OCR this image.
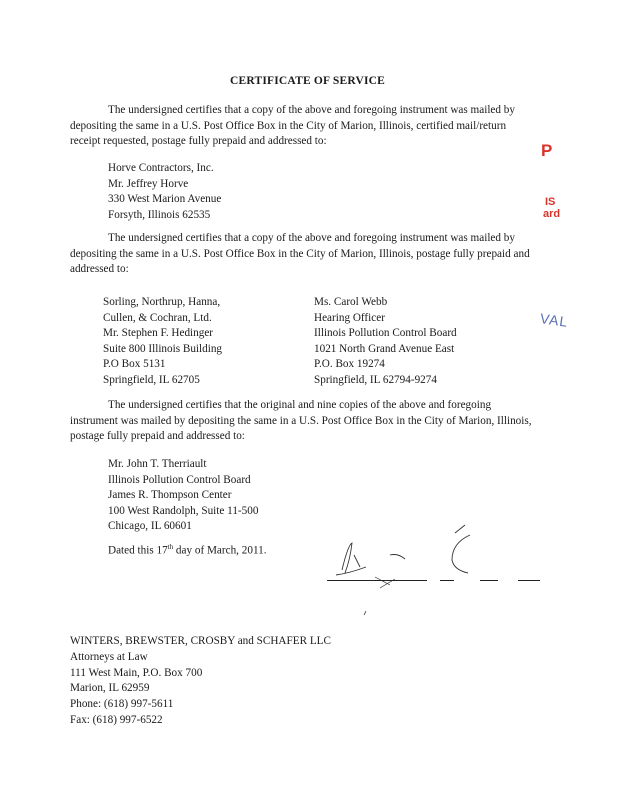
CERTIFICATE OF SERVICE
The undersigned certifies that a copy of the above and foregoing instrument was mailed by depositing the same in a U.S. Post Office Box in the City of Marion, Illinois, certified mail/return receipt requested, postage fully prepaid and addressed to:
Horve Contractors, Inc.
Mr. Jeffrey Horve
330 West Marion Avenue
Forsyth, Illinois 62535
The undersigned certifies that a copy of the above and foregoing instrument was mailed by depositing the same in a U.S. Post Office Box in the City of Marion, Illinois, postage fully prepaid and addressed to:
Sorling, Northrup, Hanna,
Cullen, & Cochran, Ltd.
Mr. Stephen F. Hedinger
Suite 800 Illinois Building
P.O Box 5131
Springfield, IL 62705
Ms. Carol Webb
Hearing Officer
Illinois Pollution Control Board
1021 North Grand Avenue East
P.O. Box 19274
Springfield, IL 62794-9274
The undersigned certifies that the original and nine copies of the above and foregoing instrument was mailed by depositing the same in a U.S. Post Office Box in the City of Marion, Illinois, postage fully prepaid and addressed to:
Mr. John T. Therriault
Illinois Pollution Control Board
James R. Thompson Center
100 West Randolph, Suite 11-500
Chicago, IL 60601
Dated this 17th day of March, 2011.
WINTERS, BREWSTER, CROSBY and SCHAFER LLC
Attorneys at Law
111 West Main, P.O. Box 700
Marion, IL 62959
Phone: (618) 997-5611
Fax: (618) 997-6522
P
IS
ard
VAL
